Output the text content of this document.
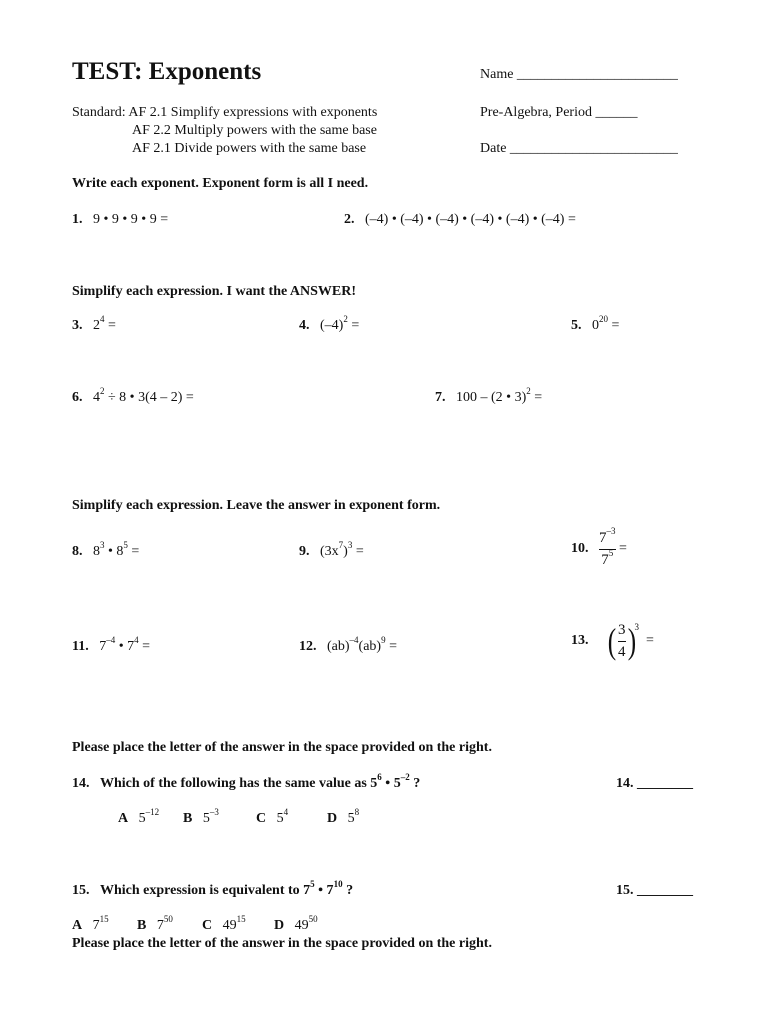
TEST: Exponents	Name _______________________
Standard: AF 2.1 Simplify expressions with exponents
AF 2.2 Multiply powers with the same base
AF 2.1 Divide powers with the same base
Pre-Algebra, Period ______
Date ________________________
Write each exponent. Exponent form is all I need.
1. 9 • 9 • 9 • 9 =	2. (–4) • (–4) • (–4) • (–4) • (–4) • (–4) =
Simplify each expression. I want the ANSWER!
3. $2^4$ =	4. $(-4)^2$ =	5. $0^{20}$ =
6. $4^2 \div 8$ • 3(4 – 2) =	7. 100 – (2 • 3)$^2$ =
Simplify each expression. Leave the answer in exponent form.
8. $8^3$ • $8^5$ =	9. $(3x^7)^3$ =	10. $\frac{7^{-3}}{7^5}$ =
11. $7^{-4}$ • $7^4$ =	12. (ab)$^{-4}$(ab)$^9$ =	13.
( $\frac{3}{4}$ )
$^3$

=
Please place the letter of the answer in the space provided on the right.
14. Which of the following has the same value as $5^6$ • $5^{-2}$ ?	14. ________
A $5^{-12}$ B $5^{-3}$	C $5^4$	D $5^8$
15. Which expression is equivalent to $7^5$ • $7^{10}$ ?	15. ________
A $7^{15}$ B $7^{50}$ C $49^{15}$ D $49^{50}$
Please place the letter of the answer in the space provided on the right.
